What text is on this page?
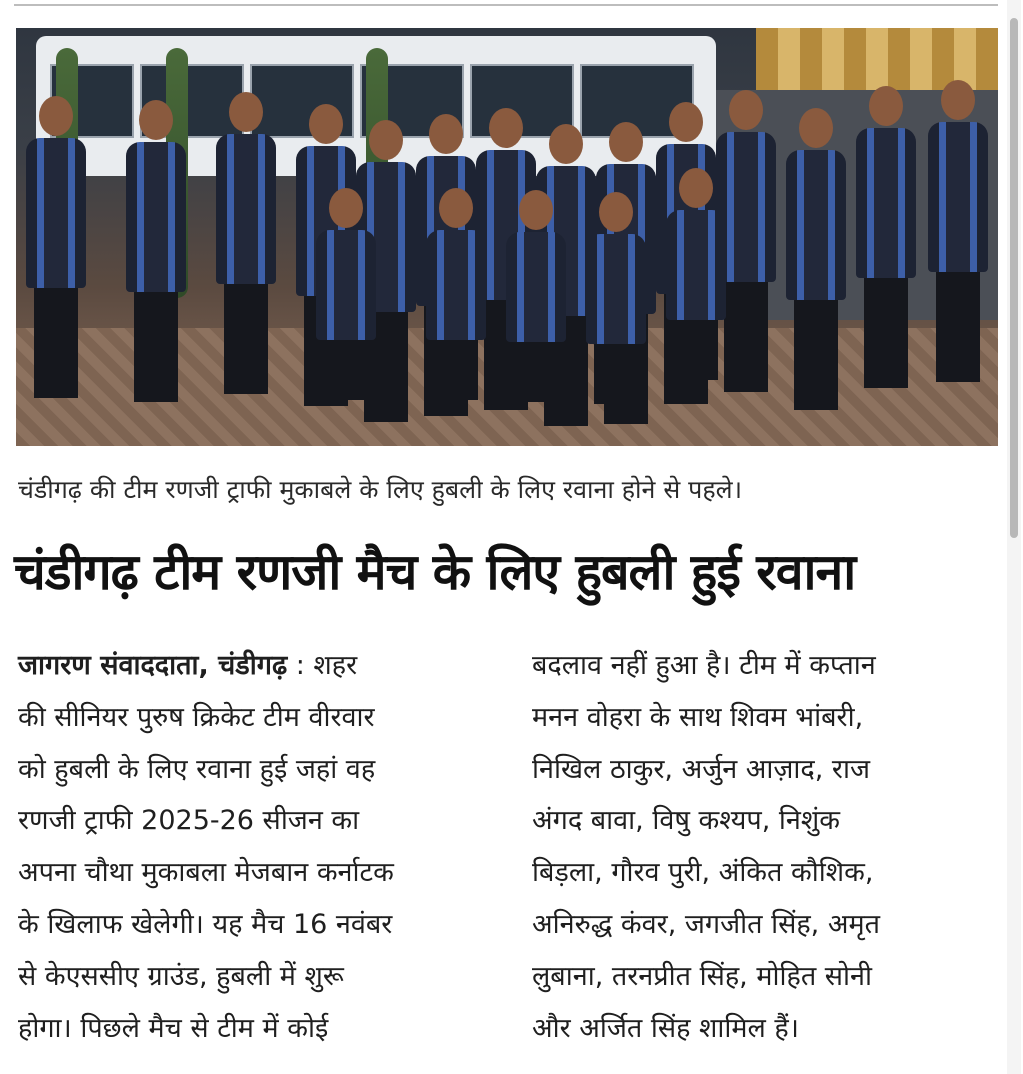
चंडीगढ़ की टीम रणजी ट्राफी मुकाबले के लिए हुबली के लिए रवाना होने से पहले।
चंडीगढ़ टीम रणजी मैच के लिए हुबली हुई रवाना
जागरण संवाददाता, चंडीगढ़ : शहर
की सीनियर पुरुष क्रिकेट टीम वीरवार
को हुबली के लिए रवाना हुई जहां वह
रणजी ट्राफी 2025-26 सीजन का
अपना चौथा मुकाबला मेजबान कर्नाटक
के खिलाफ खेलेगी। यह मैच 16 नवंबर
से केएससीए ग्राउंड, हुबली में शुरू
होगा। पिछले मैच से टीम में कोई
बदलाव नहीं हुआ है। टीम में कप्तान
मनन वोहरा के साथ शिवम भांबरी,
निखिल ठाकुर, अर्जुन आज़ाद, राज
अंगद बावा, विषु कश्यप, निशुंक
बिड़ला, गौरव पुरी, अंकित कौशिक,
अनिरुद्ध कंवर, जगजीत सिंह, अमृत
लुबाना, तरनप्रीत सिंह, मोहित सोनी
और अर्जित सिंह शामिल हैं।
